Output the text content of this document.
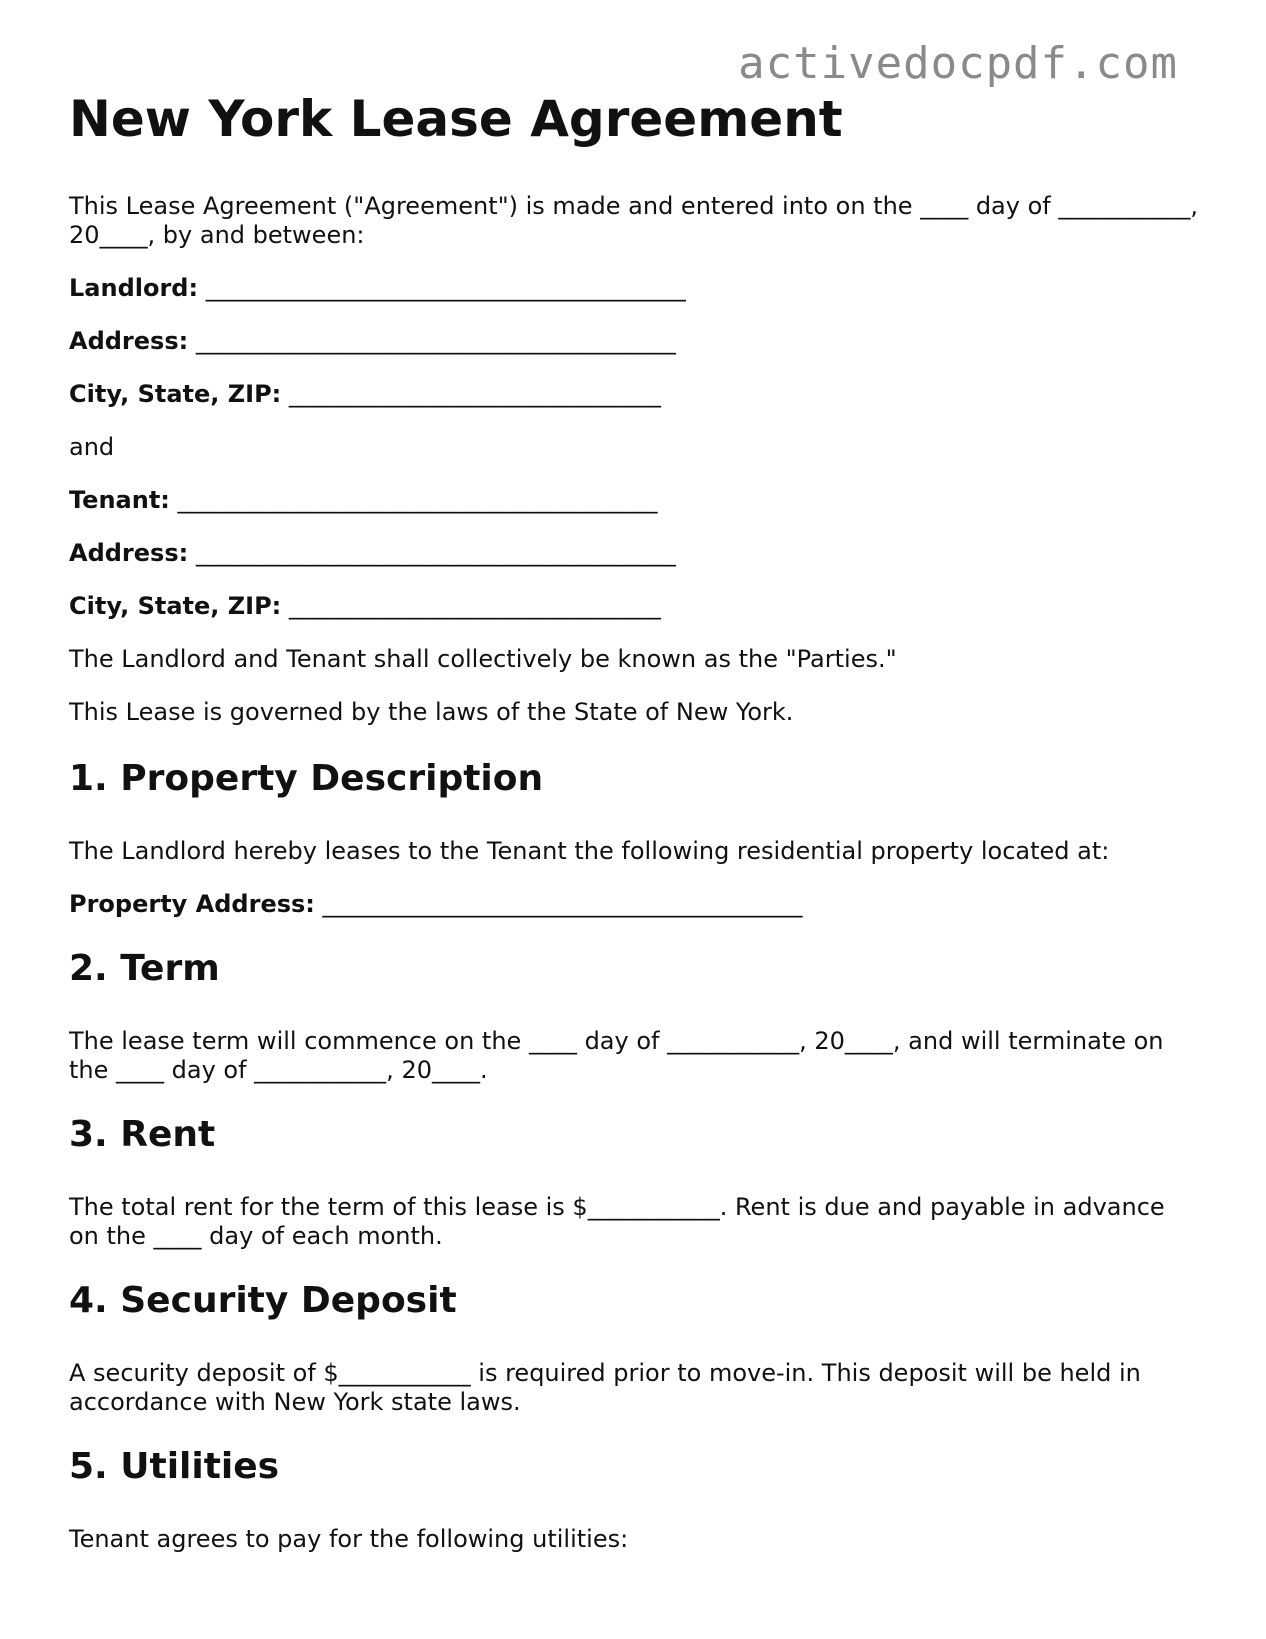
activedocpdf.com
New York Lease Agreement

This Lease Agreement ("Agreement") is made and entered into on the ____ day of ___________, 20____, by and between:

Landlord: ________________________________________
Address: ________________________________________
City, State, ZIP: _______________________________

and

Tenant: ________________________________________
Address: ________________________________________
City, State, ZIP: _______________________________

The Landlord and Tenant shall collectively be known as the "Parties."

This Lease is governed by the laws of the State of New York.

1. Property Description

The Landlord hereby leases to the Tenant the following residential property located at:

Property Address: ________________________________________
2. Term

The lease term will commence on the ____ day of ___________, 20____, and will terminate on the ____ day of ___________, 20____.

3. Rent

The total rent for the term of this lease is $___________. Rent is due and payable in advance on the ____ day of each month.

4. Security Deposit

A security deposit of $___________ is required prior to move-in. This deposit will be held in accordance with New York state laws.

5. Utilities

Tenant agrees to pay for the following utilities:
